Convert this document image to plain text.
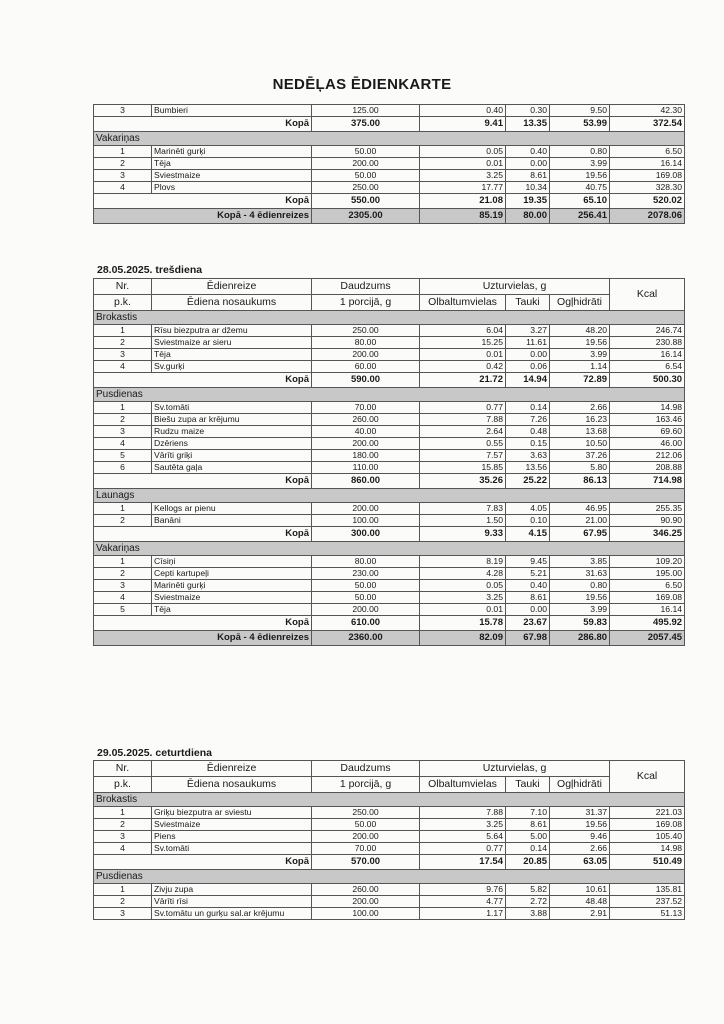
NEDĒĻAS ĒDIENKARTE
3	Bumbieri	125.00	0.40	0.30	9.50	42.30
Kopā		375.00	9.41	13.35	53.99	372.54
Vakariņas						
1	Marinēti gurķi	50.00	0.05	0.40	0.80	6.50
2	Tēja	200.00	0.01	0.00	3.99	16.14
3	Sviestmaize	50.00	3.25	8.61	19.56	169.08
4	Plovs	250.00	17.77	10.34	40.75	328.30
Kopā		550.00	21.08	19.35	65.10	520.02
Kopā - 4 ēdienreizes		2305.00	85.19	80.00	256.41	2078.06
28.05.2025. trešdiena
Nr.	Ēdienreize	Daudzums	Uzturvielas, g			Kcal
p.k.	Ēdiena nosaukums	1 porcijā, g	Olbaltumvielas	Tauki	Ogļhidrāti	
Brokastis						
1	Rīsu biezputra ar džemu	250.00	6.04	3.27	48.20	246.74
2	Sviestmaize ar sieru	80.00	15.25	11.61	19.56	230.88
3	Tēja	200.00	0.01	0.00	3.99	16.14
4	Sv.gurķi	60.00	0.42	0.06	1.14	6.54
Kopā		590.00	21.72	14.94	72.89	500.30
Pusdienas						
1	Sv.tomāti	70.00	0.77	0.14	2.66	14.98
2	Biešu zupa ar krējumu	260.00	7.88	7.26	16.23	163.46
3	Rudzu maize	40.00	2.64	0.48	13.68	69.60
4	Dzēriens	200.00	0.55	0.15	10.50	46.00
5	Vārīti griķi	180.00	7.57	3.63	37.26	212.06
6	Sautēta gaļa	110.00	15.85	13.56	5.80	208.88
Kopā		860.00	35.26	25.22	86.13	714.98
Launags						
1	Kellogs ar pienu	200.00	7.83	4.05	46.95	255.35
2	Banāni	100.00	1.50	0.10	21.00	90.90
Kopā		300.00	9.33	4.15	67.95	346.25
Vakariņas						
1	Cīsiņi	80.00	8.19	9.45	3.85	109.20
2	Cepti kartupeļi	230.00	4.28	5.21	31.63	195.00
3	Marinēti gurķi	50.00	0.05	0.40	0.80	6.50
4	Sviestmaize	50.00	3.25	8.61	19.56	169.08
5	Tēja	200.00	0.01	0.00	3.99	16.14
Kopā		610.00	15.78	23.67	59.83	495.92
Kopā - 4 ēdienreizes		2360.00	82.09	67.98	286.80	2057.45
29.05.2025. ceturtdiena
Nr.	Ēdienreize	Daudzums	Uzturvielas, g			Kcal
p.k.	Ēdiena nosaukums	1 porcijā, g	Olbaltumvielas	Tauki	Ogļhidrāti	
Brokastis						
1	Griķu biezputra ar sviestu	250.00	7.88	7.10	31.37	221.03
2	Sviestmaize	50.00	3.25	8.61	19.56	169.08
3	Piens	200.00	5.64	5.00	9.46	105.40
4	Sv.tomāti	70.00	0.77	0.14	2.66	14.98
Kopā		570.00	17.54	20.85	63.05	510.49
Pusdienas						
1	Zivju zupa	260.00	9.76	5.82	10.61	135.81
2	Vārīti rīsi	200.00	4.77	2.72	48.48	237.52
3	Sv.tomātu un gurķu sal.ar krējumu	100.00	1.17	3.88	2.91	51.13
